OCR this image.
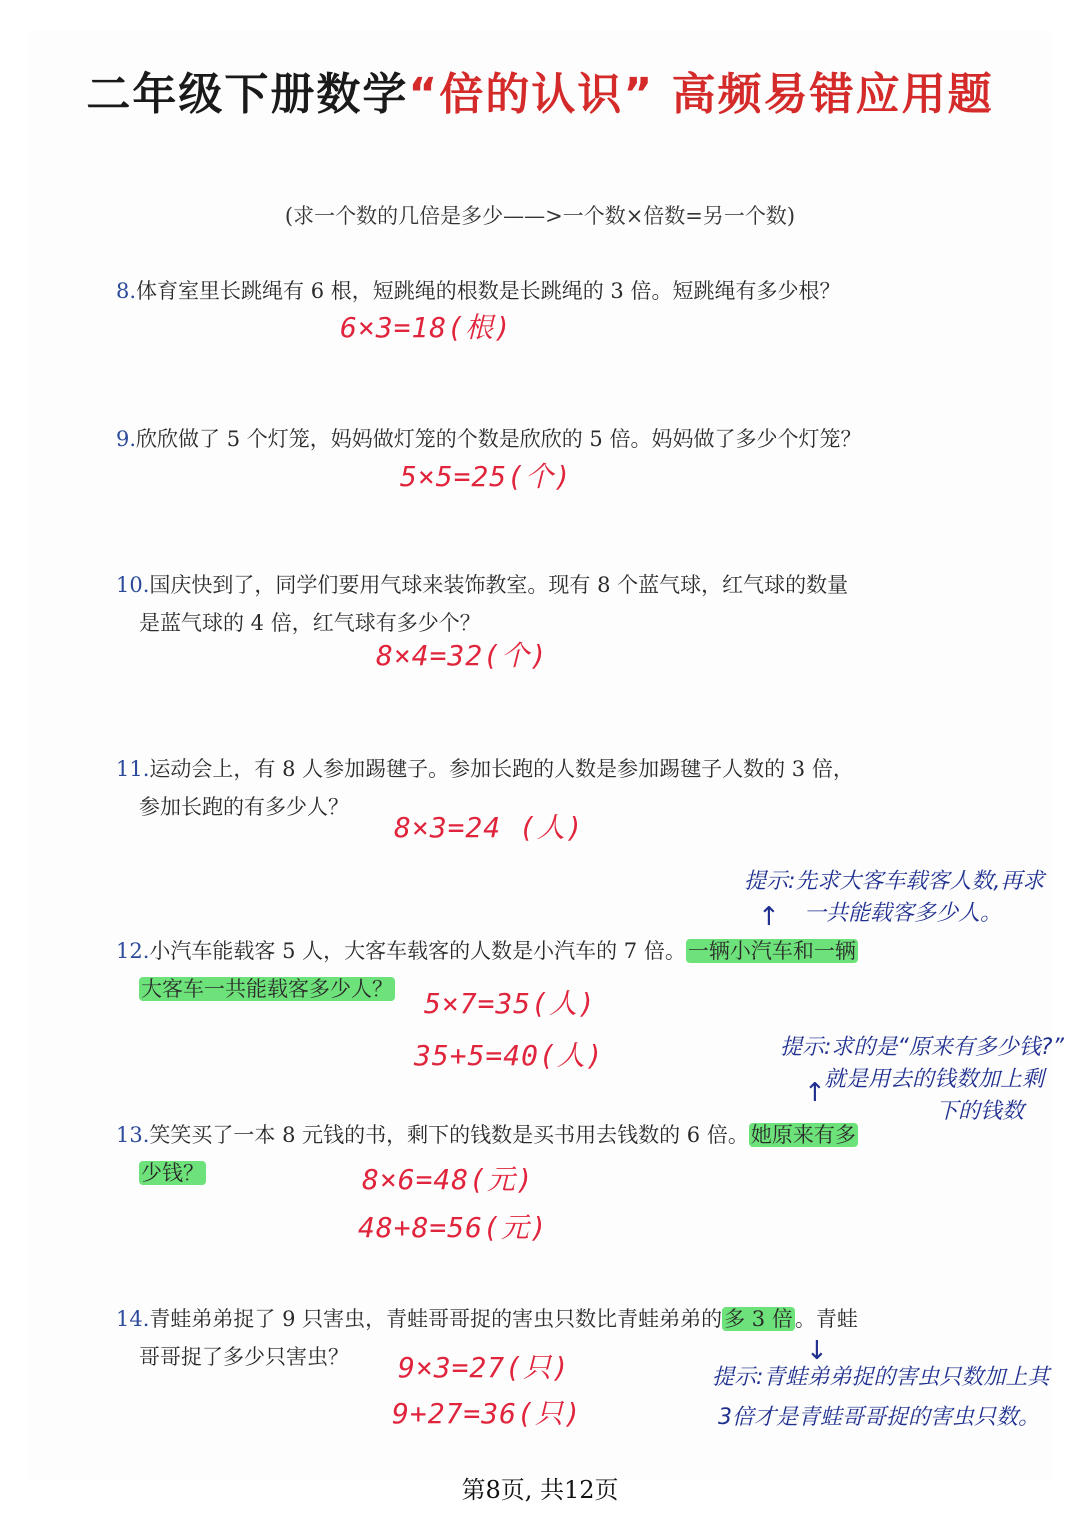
二年级下册数学“倍的认识” 高频易错应用题
(求一个数的几倍是多少——>一个数×倍数=另一个数)
8.体育室里长跳绳有 6 根，短跳绳的根数是长跳绳的 3 倍。短跳绳有多少根？
6×3=18(根)
9.欣欣做了 5 个灯笼，妈妈做灯笼的个数是欣欣的 5 倍。妈妈做了多少个灯笼？
5×5=25(个)
10.国庆快到了，同学们要用气球来装饰教室。现有 8 个蓝气球，红气球的数量
是蓝气球的 4 倍，红气球有多少个？
8×4=32(个)
11.运动会上，有 8 人参加踢毽子。参加长跑的人数是参加踢毽子人数的 3 倍，
参加长跑的有多少人？
8×3=24 (人)
提示:先求大客车载客人数,再求
一共能载客多少人。
↑
12.小汽车能载客 5 人，大客车载客的人数是小汽车的 7 倍。一辆小汽车和一辆
大客车一共能载客多少人？	5×7=35(人)
35+5=40(人)	提示:求的是“原来有多少钱?”
就是用去的钱数加上剩
下的钱数
↑
13.笑笑买了一本 8 元钱的书，剩下的钱数是买书用去钱数的 6 倍。她原来有多
少钱？	8×6=48(元)
48+8=56(元)
14.青蛙弟弟捉了 9 只害虫，青蛙哥哥捉的害虫只数比青蛙弟弟的多 3 倍。青蛙
哥哥捉了多少只害虫？	↓
9×3=27(只)
9+27=36(只)
提示:青蛙弟弟捉的害虫只数加上其
3倍才是青蛙哥哥捉的害虫只数。
第8页, 共12页
